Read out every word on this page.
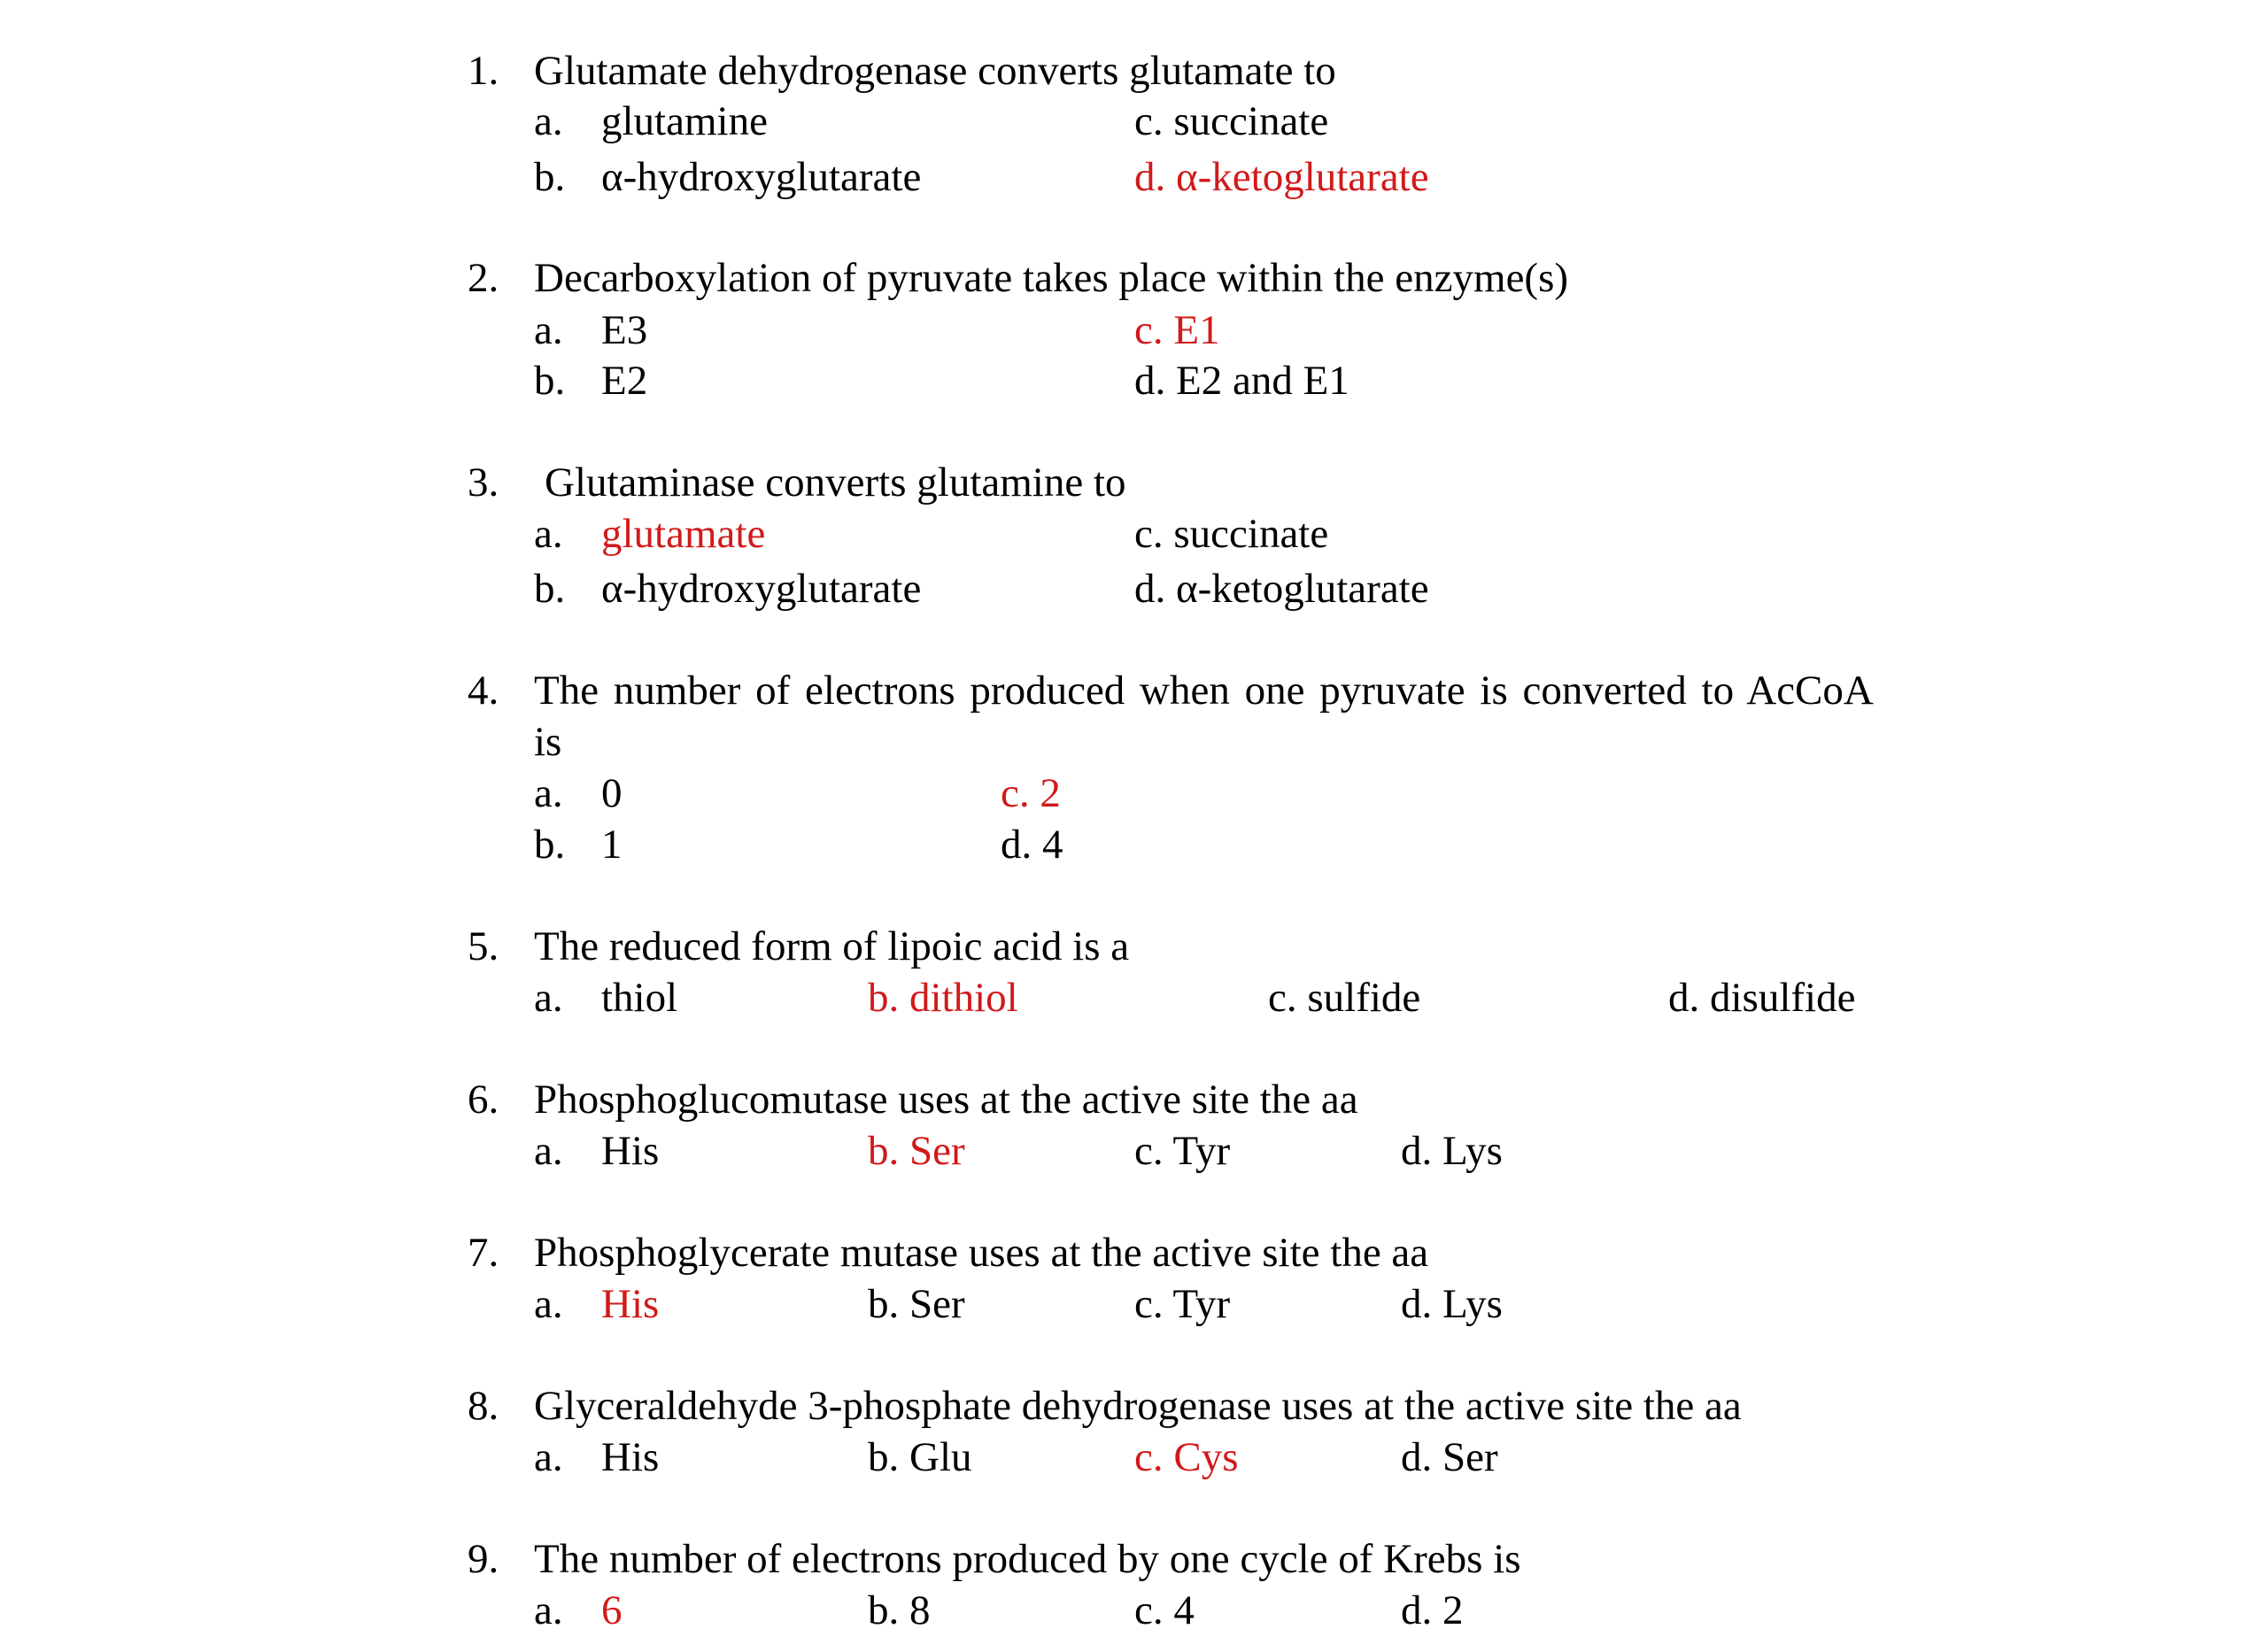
1. Glutamate dehydrogenase converts glutamate to
a. glutamine
b. α-hydroxyglutarate
c. succinate
d. α-ketoglutarate
2. Decarboxylation of pyruvate takes place within the enzyme(s)
a. E3
b. E2
c. E1
d. E2 and E1
3. Glutaminase converts glutamine to
a. glutamate
b. α-hydroxyglutarate
c. succinate
d. α-ketoglutarate
4. The number of electrons produced when one pyruvate is converted to AcCoA
is
a. 0
b. 1
c. 2
d. 4
5. The reduced form of lipoic acid is a
a. thiol	b. dithiol	c. sulfide	d. disulfide
6. Phosphoglucomutase uses at the active site the aa
a. His	b. Ser	c. Tyr	d. Lys
7. Phosphoglycerate mutase uses at the active site the aa
a. His	b. Ser	c. Tyr	d. Lys
8. Glyceraldehyde 3-phosphate dehydrogenase uses at the active site the aa
a. His	b. Glu	c. Cys	d. Ser
9. The number of electrons produced by one cycle of Krebs is
a. 6	b. 8	c. 4	d. 2
